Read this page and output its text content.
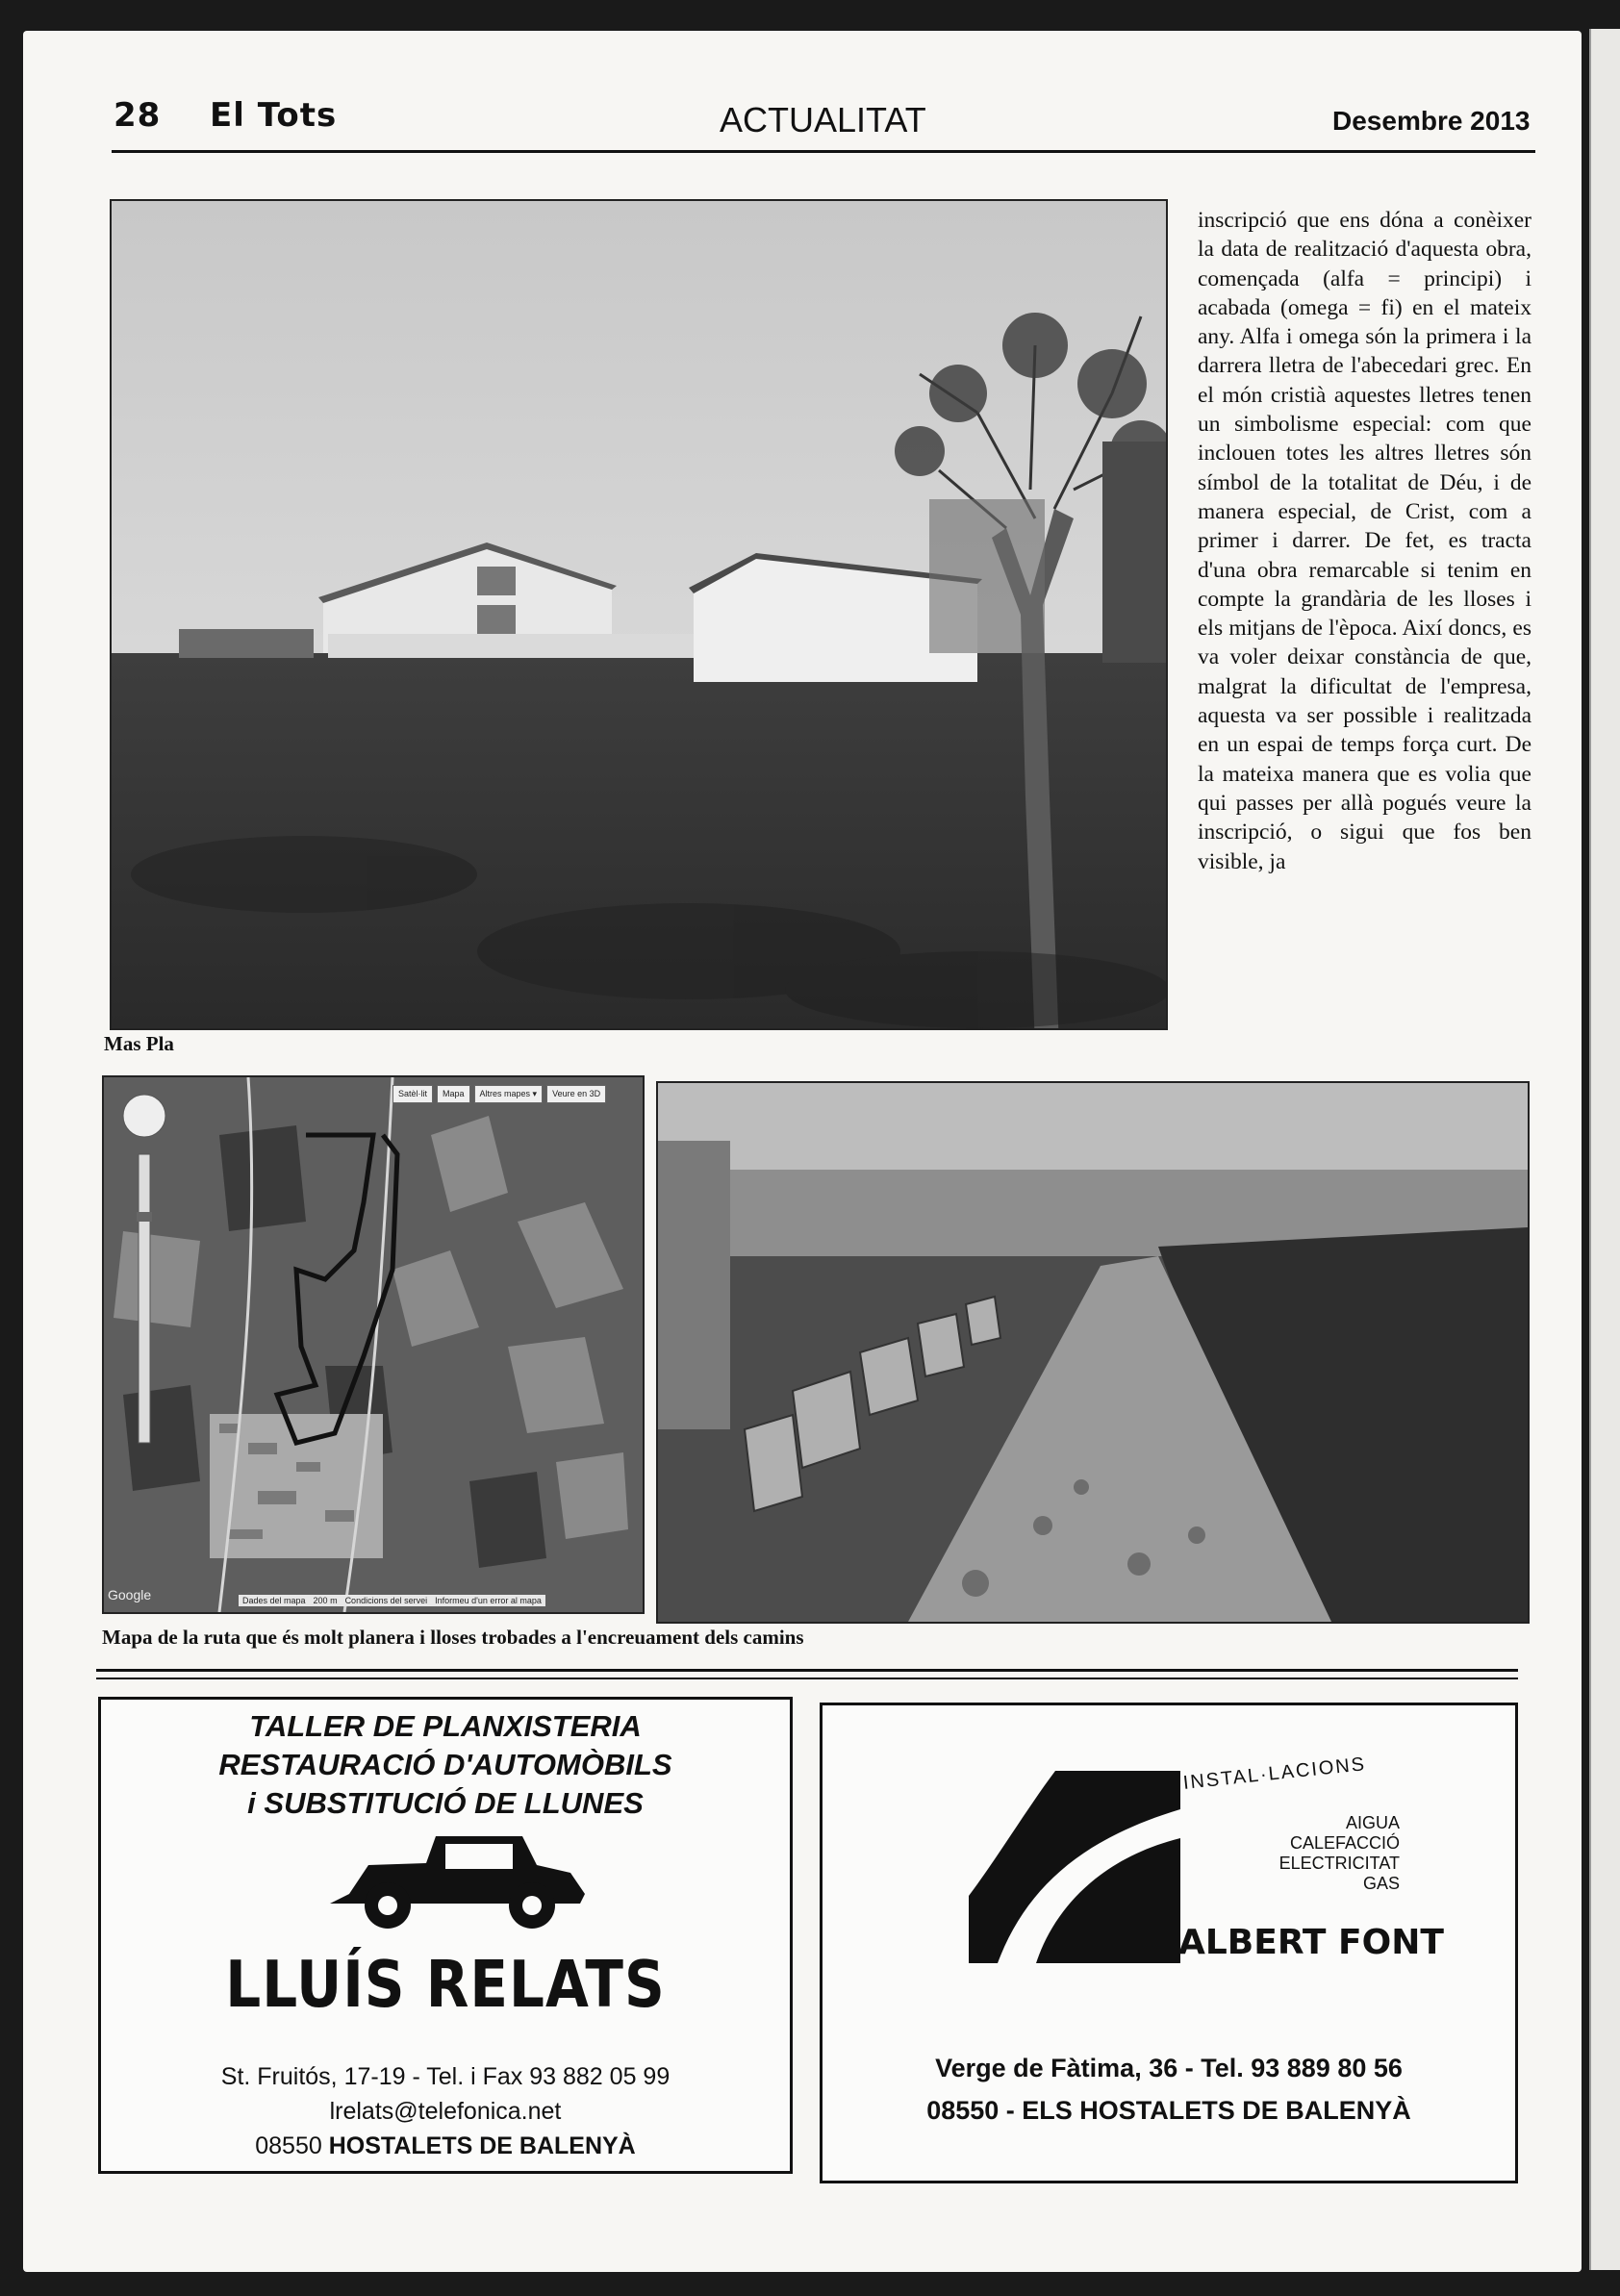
28 El Tots	ACTUALITAT	Desembre 2013
Mas Pla
inscripció que ens dóna a conèixer la data de realització d'aquesta obra, començada (alfa = principi) i acabada (omega = fi) en el mateix any. Alfa i omega són la primera i la darrera lletra de l'abecedari grec. En el món cristià aquestes lletres tenen un simbolisme especial: com que inclouen totes les altres lletres són símbol de la totalitat de Déu, i de manera especial, de Crist, com a primer i darrer. De fet, es tracta d'una obra remarcable si tenim en compte la grandària de les lloses i els mitjans de l'època. Així doncs, es va voler deixar constància de que, malgrat la dificultat de l'empresa, aquesta va ser possible i realitzada en un espai de temps força curt. De la mateixa manera que es volia que qui passes per allà pogués veure la inscripció, o sigui que fos ben visible, ja
Satèl·lit	Mapa	Altres mapes ▾	Veure en 3D
Google	Dades del mapa 200 m Condicions del servei Informeu d'un error al mapa
Mapa de la ruta que és molt planera i lloses trobades a l'encreuament dels camins
TALLER DE PLANXISTERIA
RESTAURACIÓ D'AUTOMÒBILS
i SUBSTITUCIÓ DE LLUNES
LLUÍS RELATS
St. Fruitós, 17-19 - Tel. i Fax 93 882 05 99
lrelats@telefonica.net
08550 HOSTALETS DE BALENYÀ
INSTAL·LACIONS
AIGUA
CALEFACCIÓ
ELECTRICITAT
GAS
ALBERT FONT
Verge de Fàtima, 36 - Tel. 93 889 80 56
08550 - ELS HOSTALETS DE BALENYÀ
